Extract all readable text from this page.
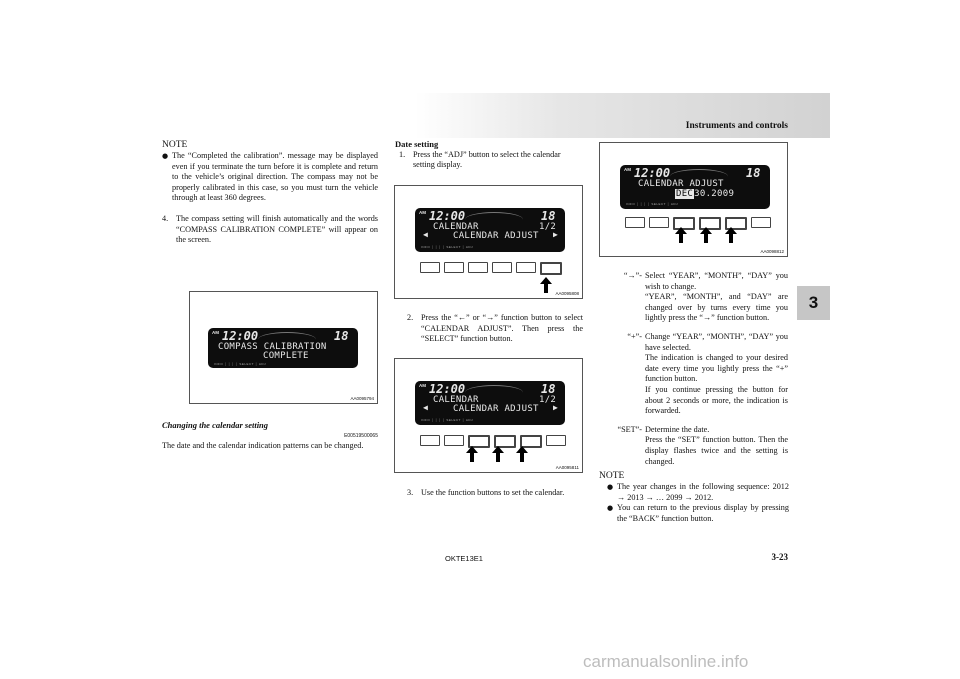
Instruments and controls
3

NOTE

● The “Completed the calibration”. message may be displayed even if you terminate the turn before it is complete and return to the vehicle’s original direction. The compass may not be properly calibrated in this case, so you must turn the vehicle through at least 360 degrees.

4. The compass setting will finish automatically and the words “COMPASS CALIBRATION COMPLETE” will appear on the screen.

AM 12:00	18
COMPASS CALIBRATION
COMPLETE
INFO │ │ │ │ SELECT │ ADJ
AA0095794

Changing the calendar setting

E00519500065

The date and the calendar indication patterns can be changed.

Date setting

1. Press the “ADJ” button to select the calendar setting display.

AM 12:00	18
CALENDAR	1/2
◀	CALENDAR ADJUST ▶
INFO │ │ │ │ SELECT │ ADJ
AA0095808

2. Press the “←” or “→” function button to select “CALENDAR ADJUST”. Then press the “SELECT” function button.

AM 12:00	18
CALENDAR	1/2
◀	CALENDAR ADJUST ▶
INFO │ │ │ │ SELECT │ ADJ
AA0095811

3. Use the function buttons to set the calendar.

AM 12:00	18
CALENDAR ADJUST
DEC30.2009
INFO │ │ │ │ SELECT │ ADJ
AA0098812
“→”- Select “YEAR”, “MONTH”, “DAY” you wish to change.

“YEAR”, “MONTH”, and “DAY” are changed over by turns every time you lightly press the “→” function button.

“+”- Change “YEAR”, “MONTH”, “DAY” you have selected.

The indication is changed to your desired date every time you lightly press the “+” function button.

If you continue pressing the button for about 2 seconds or more, the indication is forwarded.

“SET”- Determine the date.

Press the “SET” function button. Then the display flashes twice and the setting is changed.

NOTE

● The year changes in the following sequence: 2012 → 2013 → … 2099 → 2012.

● You can return to the previous display by pressing the “BACK” function button.

OKTE13E1	3-23
carmanualsonline.info
